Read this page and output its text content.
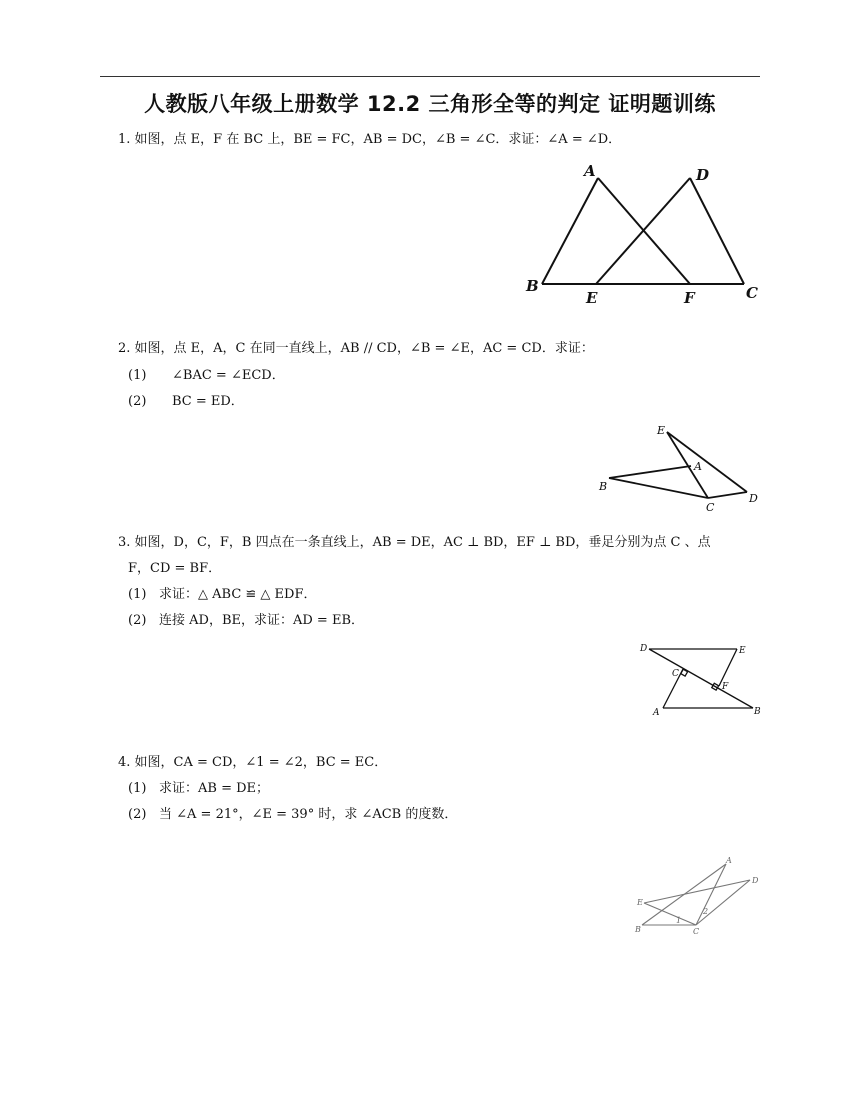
人教版八年级上册数学 12.2 三角形全等的判定 证明题训练
1. 如图，点 E，F 在 BC 上，BE = FC，AB = DC，∠B = ∠C．求证：∠A = ∠D．
A	D
B
E	F	C
2. 如图，点 E，A，C 在同一直线上，AB // CD，∠B = ∠E，AC = CD．求证：
(1) ∠BAC = ∠ECD．
(2) BC = ED．
E
A
B
C
D
3. 如图，D，C，F，B 四点在一条直线上，AB = DE，AC ⊥ BD，EF ⊥ BD，垂足分别为点 C 、点
F，CD = BF．
(1) 求证：△ ABC ≌ △ EDF．
(2) 连接 AD，BE，求证：AD = EB．
D	E
C
F
A	B
4. 如图，CA = CD，∠1 = ∠2，BC = EC．
(1) 求证：AB = DE；
(2) 当 ∠A = 21°，∠E = 39° 时，求 ∠ACB 的度数．
A
D
E
2
1
B	C
